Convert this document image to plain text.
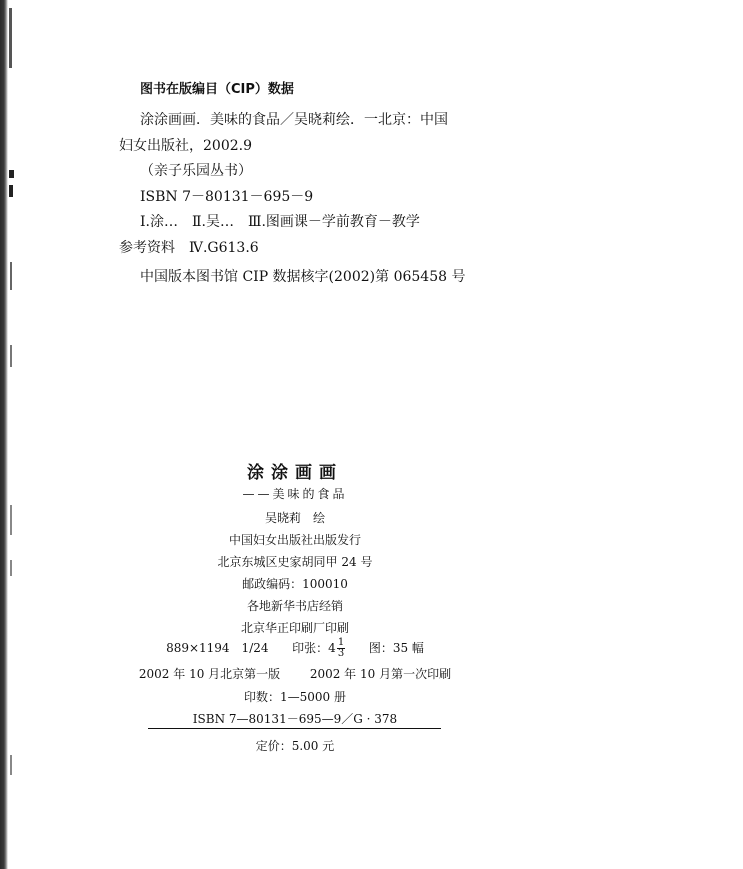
图书在版编目（CIP）数据
涂涂画画．美味的食品／吴晓莉绘．一北京：中国
妇女出版社，2002.9
（亲子乐园丛书）
ISBN 7－80131－695－9
Ⅰ.涂…　Ⅱ.吴…　Ⅲ.图画课－学前教育－教学
参考资料　Ⅳ.G613.6
中国版本图书馆 CIP 数据核字(2002)第 065458 号
涂涂画画
——美味的食品
吴晓莉　绘
中国妇女出版社出版发行
北京东城区史家胡同甲 24 号
邮政编码：100010
各地新华书店经销
北京华正印刷厂印刷
889×1194　1/24 印张：$4 \frac{1}{3}$ 图：35 幅
2002 年 10 月北京第一版 2002 年 10 月第一次印刷
印数：1—5000 册
ISBN 7—80131－695—9／G · 378
定价：5.00 元
